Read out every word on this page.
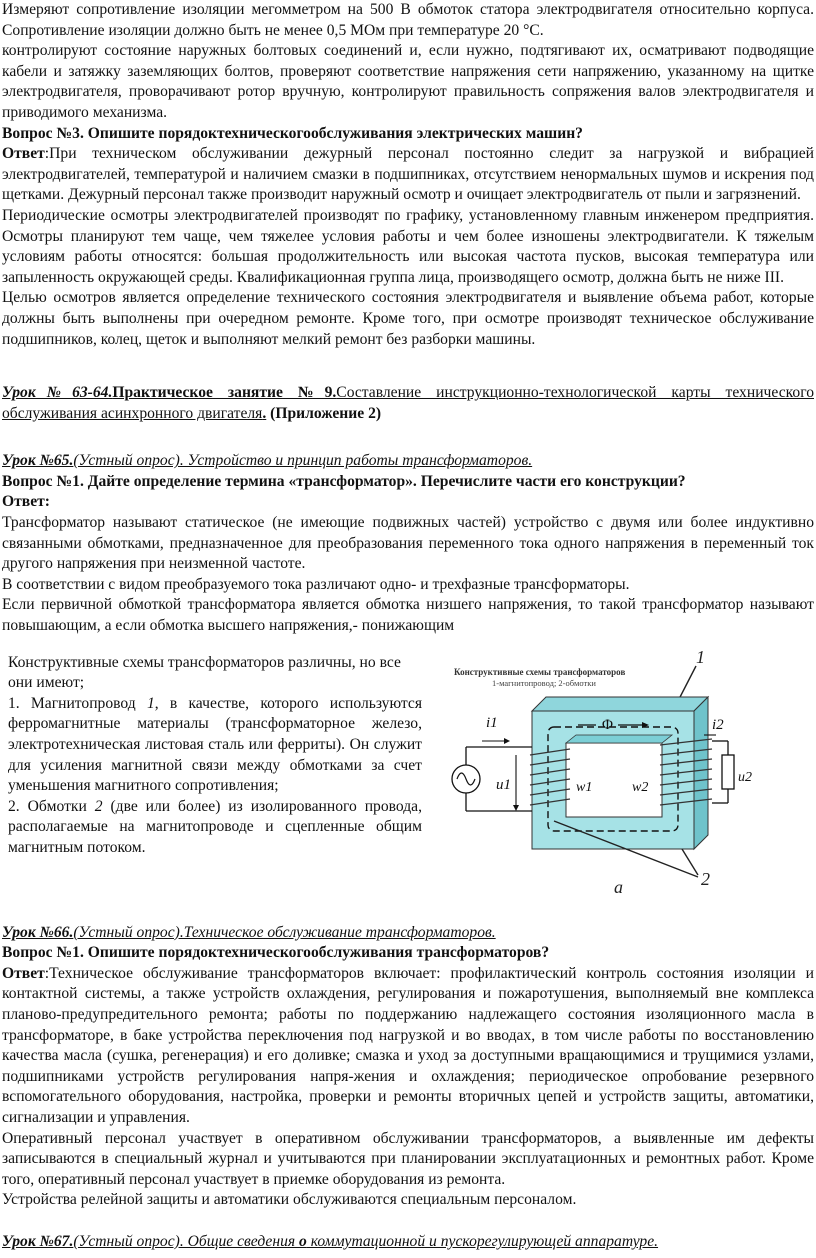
Измеряют сопротивление изоляции мегомметром на 500 В обмоток статора электродвигателя относительно корпуса. Сопротивление изоляции должно быть не менее 0,5 МОм при температуре 20 °С.

контролируют состояние наружных болтовых соединений и, если нужно, подтягивают их, осматривают подводящие кабели и затяжку заземляющих болтов, проверяют соответствие напряжения сети напряжению, указанному на щитке электродвигателя, проворачивают ротор вручную, контролируют правильность сопряжения валов электродвигателя и приводимого механизма.

Вопрос №3. Опишите порядоктехническогообслуживания электрических машин?

Ответ:При техническом обслуживании дежурный персонал постоянно следит за нагрузкой и вибрацией электродвигателей, температурой и наличием смазки в подшипниках, отсутствием ненормальных шумов и искрения под щетками. Дежурный персонал также производит наружный осмотр и очищает электродвигатель от пыли и загрязнений.

Периодические осмотры электродвигателей производят по графику, установленному главным инженером предприятия. Осмотры планируют тем чаще, чем тяжелее условия работы и чем более изношены электродвигатели. К тяжелым условиям работы относятся: большая продолжительность или высокая частота пусков, высокая температура или запыленность окружающей среды. Квалификационная группа лица, производящего осмотр, должна быть не ниже III.

Целью осмотров является определение технического состояния электродвигателя и выявление объема работ, которые должны быть выполнены при очередном ремонте. Кроме того, при осмотре производят техническое обслуживание подшипников, колец, щеток и выполняют мелкий ремонт без разборки машины.

Урок№63-64.Практическое занятие №9.Составление инструкционно-технологической карты технического обслуживания асинхронного двигателя. (Приложение 2)

Урок №65.(Устный опрос). Устройство и принцип работы трансформаторов.

Вопрос №1. Дайте определение термина «трансформатор». Перечислите части его конструкции?

Ответ:

Трансформатор называют статическое (не имеющие подвижных частей) устройство с двумя или более индуктивно связанными обмотками, предназначенное для преобразования переменного тока одного напряжения в переменный ток другого напряжения при неизменной частоте.

В соответствии с видом преобразуемого тока различают одно- и трехфазные трансформаторы.

Если первичной обмоткой трансформатора является обмотка низшего напряжения, то такой трансформатор называют повышающим, а если обмотка высшего напряжения,- понижающим

Конструктивные схемы трансформаторов различны, но все они имеют;

1. Магнитопровод 1, в качестве, которого используются ферромагнитные материалы (трансформаторное железо, электротехническая листовая сталь или ферриты). Он служит для усиления магнитной связи между обмотками за счет уменьшения магнитного сопротивления;

2. Обмотки 2 (две или более) из изолированного провода, располагаемые на магнитопроводе и сцепленные общим магнитным потоком.

Конструктивные схемы трансформаторов
1-магнитопровод; 2-обмотки
1
Φ
w1	w2
i1
u1
i2
u2
2
а

Урок №66.(Устный опрос).Техническое обслуживание трансформаторов.

Вопрос №1. Опишите порядоктехническогообслуживания трансформаторов?

Ответ:Техническое обслуживание трансформаторов включает: профилактический контроль состояния изоляции и контактной системы, а также устройств охлаждения, регулирования и пожаротушения, выполняемый вне комплекса планово-предупредительного ремонта; работы по поддержанию надлежащего состояния изоляционного масла в трансформаторе, в баке устройства переключения под нагрузкой и во вводах, в том числе работы по восстановлению качества масла (сушка, регенерация) и его доливке; смазка и уход за доступными вращающимися и трущимися узлами, подшипниками устройств регулирования напря-жения и охлаждения; периодическое опробование резервного вспомогательного оборудования, настройка, проверки и ремонты вторичных цепей и устройств защиты, автоматики, сигнализации и управления.

Оперативный персонал участвует в оперативном обслуживании трансформаторов, а выявленные им дефекты записываются в специальный журнал и учитываются при планировании эксплуатационных и ремонтных работ. Кроме того, оперативный персонал участвует в приемке оборудования из ремонта.

Устройства релейной защиты и автоматики обслуживаются специальным персоналом.

Урок №67.(Устный опрос). Общие сведения о коммутационной и пускорегулирующей аппаратуре.
